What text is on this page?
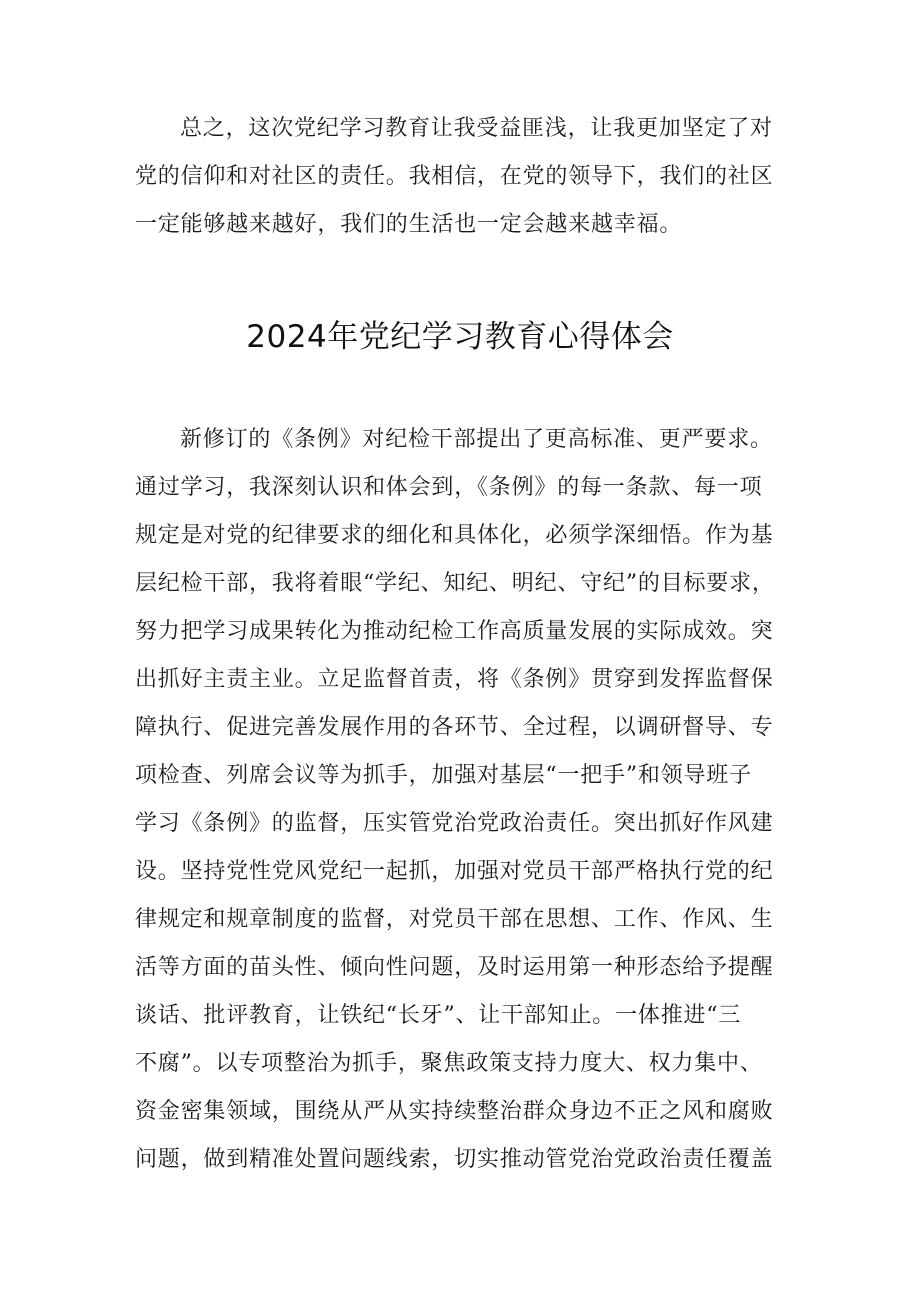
总之，这次党纪学习教育让我受益匪浅，让我更加坚定了对
党的信仰和对社区的责任。我相信，在党的领导下，我们的社区
一定能够越来越好，我们的生活也一定会越来越幸福。
2024年党纪学习教育心得体会
新修订的《条例》对纪检干部提出了更高标准、更严要求。
通过学习，我深刻认识和体会到，《条例》的每一条款、每一项
规定是对党的纪律要求的细化和具体化，必须学深细悟。作为基
层纪检干部，我将着眼“学纪、知纪、明纪、守纪”的目标要求，
努力把学习成果转化为推动纪检工作高质量发展的实际成效。突
出抓好主责主业。立足监督首责，将《条例》贯穿到发挥监督保
障执行、促进完善发展作用的各环节、全过程，以调研督导、专
项检查、列席会议等为抓手，加强对基层“一把手”和领导班子
学习《条例》的监督，压实管党治党政治责任。突出抓好作风建
设。坚持党性党风党纪一起抓，加强对党员干部严格执行党的纪
律规定和规章制度的监督，对党员干部在思想、工作、作风、生
活等方面的苗头性、倾向性问题，及时运用第一种形态给予提醒
谈话、批评教育，让铁纪“长牙”、让干部知止。一体推进“三
不腐”。以专项整治为抓手，聚焦政策支持力度大、权力集中、
资金密集领域，围绕从严从实持续整治群众身边不正之风和腐败
问题，做到精准处置问题线索，切实推动管党治党政治责任覆盖
